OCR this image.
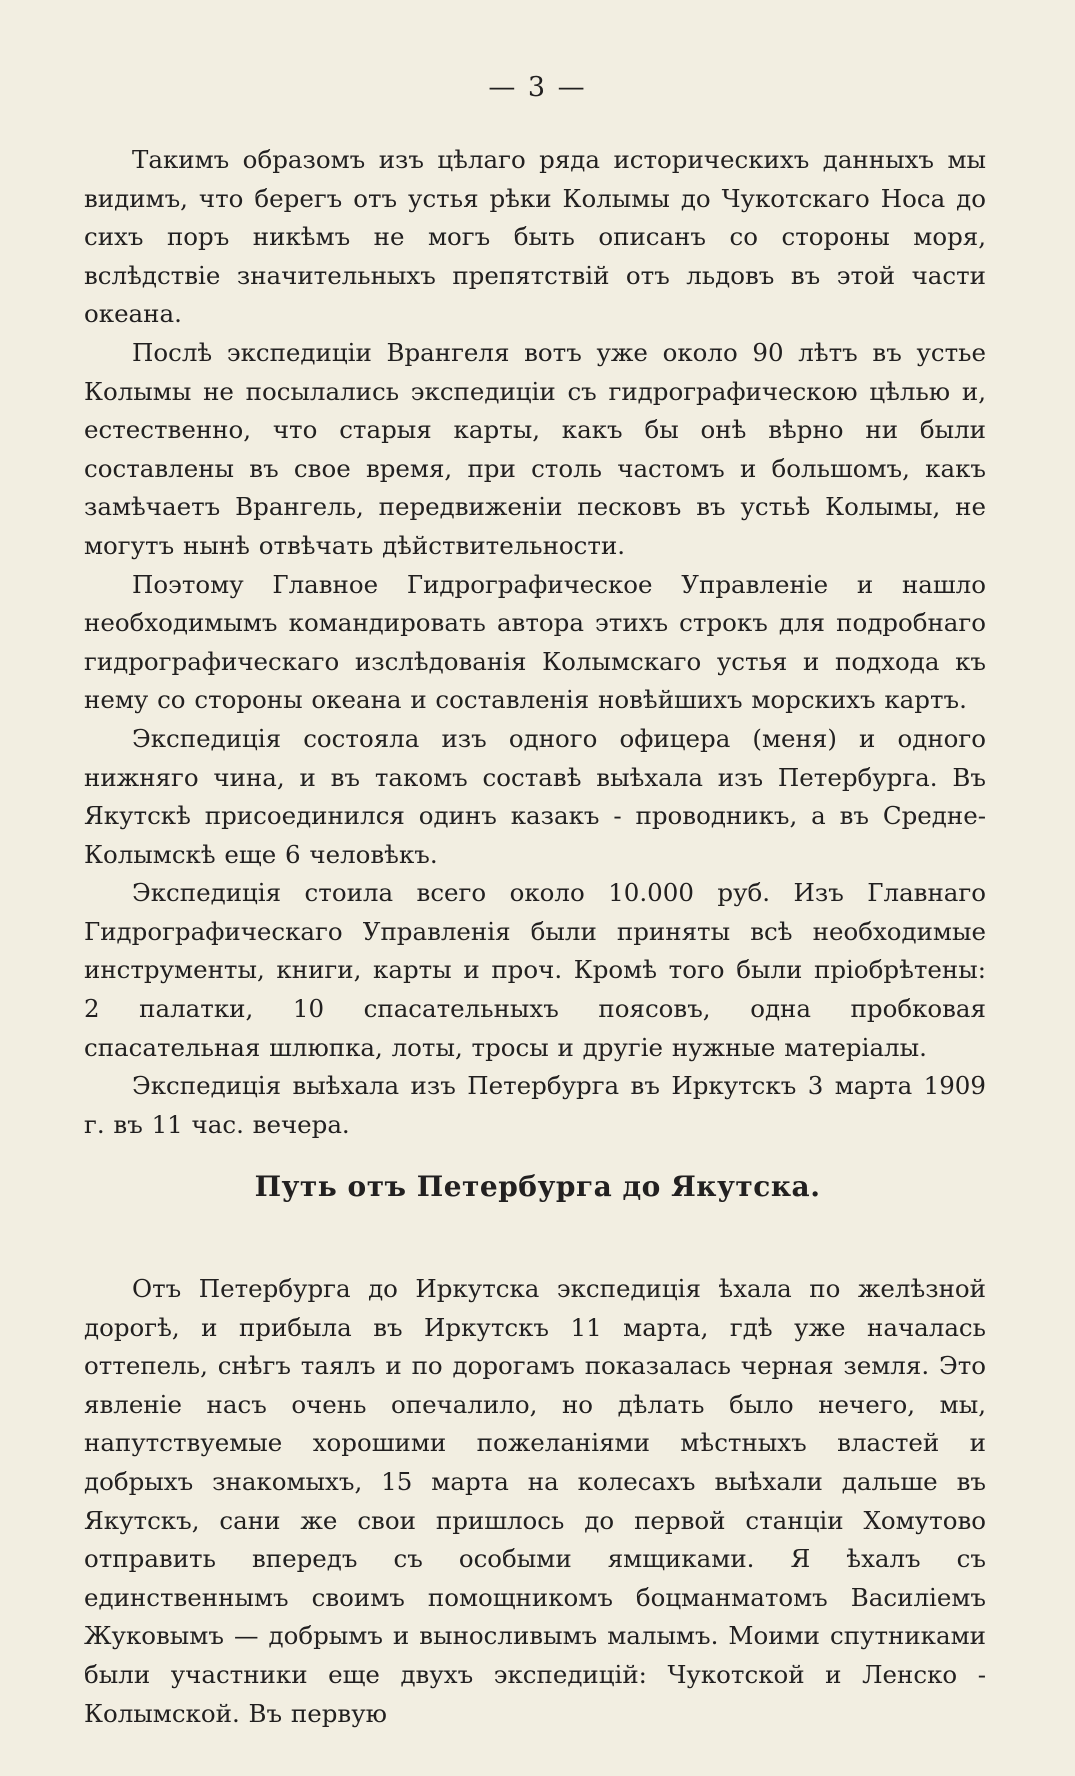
— 3 —

Такимъ образомъ изъ цѣлаго ряда историческихъ данныхъ мы видимъ, что берегъ отъ устья рѣки Колымы до Чукотскаго Носа до сихъ поръ никѣмъ не могъ быть описанъ со стороны моря, вслѣдствіе значительныхъ препятствій отъ льдовъ въ этой части океана.

Послѣ экспедиціи Врангеля вотъ уже около 90 лѣтъ въ устье Колымы не посылались экспедиціи съ гидрографическою цѣлью и, естественно, что старыя карты, какъ бы онѣ вѣрно ни были составлены въ свое время, при столь частомъ и большомъ, какъ замѣчаетъ Врангель, передвиженіи песковъ въ устьѣ Колымы, не могутъ нынѣ отвѣчать дѣйствительности.

Поэтому Главное Гидрографическое Управленіе и нашло необходимымъ командировать автора этихъ строкъ для подробнаго гидрографическаго изслѣдованія Колымскаго устья и подхода къ нему со стороны океана и составленія новѣйшихъ морскихъ картъ.

Экспедиція состояла изъ одного офицера (меня) и одного нижняго чина, и въ такомъ составѣ выѣхала изъ Петербурга. Въ Якутскѣ присоединился одинъ казакъ - проводникъ, а въ Средне-Колымскѣ еще 6 человѣкъ.

Экспедиція стоила всего около 10.000 руб. Изъ Главнаго Гидрографическаго Управленія были приняты всѣ необходимые инструменты, книги, карты и проч. Кромѣ того были пріобрѣтены: 2 палатки, 10 спасательныхъ поясовъ, одна пробковая спасательная шлюпка, лоты, тросы и другіе нужные матеріалы.

Экспедиція выѣхала изъ Петербурга въ Иркутскъ 3 марта 1909 г. въ 11 час. вечера.

Путь отъ Петербурга до Якутска.

Отъ Петербурга до Иркутска экспедиція ѣхала по желѣзной дорогѣ, и прибыла въ Иркутскъ 11 марта, гдѣ уже началась оттепель, снѣгъ таялъ и по дорогамъ показалась черная земля. Это явленіе насъ очень опечалило, но дѣлать было нечего, мы, напутствуемые хорошими пожеланіями мѣстныхъ властей и добрыхъ знакомыхъ, 15 марта на колесахъ выѣхали дальше въ Якутскъ, сани же свои пришлось до первой станціи Хомутово отправить впередъ съ особыми ямщиками. Я ѣхалъ съ единственнымъ своимъ помощникомъ боцманматомъ Василіемъ Жуковымъ — добрымъ и выносливымъ малымъ. Моими спутниками были участники еще двухъ экспедицій: Чукотской и Ленско - Колымской. Въ первую
